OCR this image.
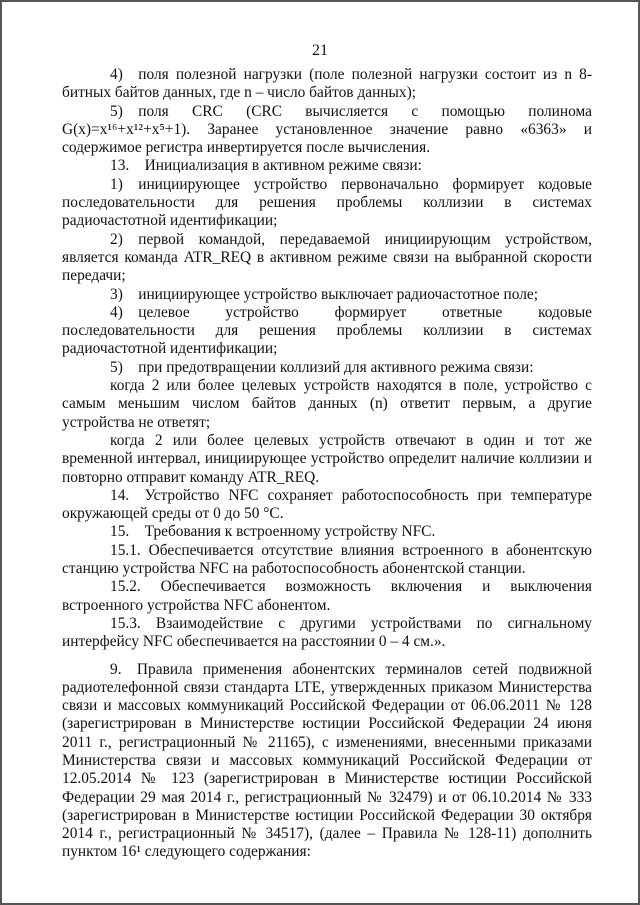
21

4) поля полезной нагрузки (поле полезной нагрузки состоит из n 8-битных байтов данных, где n – число байтов данных);

5) поля CRC (CRC вычисляется с помощью полинома G(x)=x¹⁶+x¹²+x⁵+1). Заранее установленное значение равно «6363» и содержимое регистра инвертируется после вычисления.

13. Инициализация в активном режиме связи:

1) инициирующее устройство первоначально формирует кодовые последовательности для решения проблемы коллизии в системах радиочастотной идентификации;

2) первой командой, передаваемой инициирующим устройством, является команда ATR_REQ в активном режиме связи на выбранной скорости передачи;

3) инициирующее устройство выключает радиочастотное поле;

4) целевое устройство формирует ответные кодовые последовательности для решения проблемы коллизии в системах радиочастотной идентификации;

5) при предотвращении коллизий для активного режима связи:

когда 2 или более целевых устройств находятся в поле, устройство с самым меньшим числом байтов данных (n) ответит первым, а другие устройства не ответят;

когда 2 или более целевых устройств отвечают в один и тот же временной интервал, инициирующее устройство определит наличие коллизии и повторно отправит команду ATR_REQ.

14. Устройство NFC сохраняет работоспособность при температуре окружающей среды от 0 до 50 °С.

15. Требования к встроенному устройству NFC.

15.1. Обеспечивается отсутствие влияния встроенного в абонентскую станцию устройства NFC на работоспособность абонентской станции.

15.2. Обеспечивается возможность включения и выключения встроенного устройства NFC абонентом.

15.3. Взаимодействие с другими устройствами по сигнальному интерфейсу NFC обеспечивается на расстоянии 0 – 4 см.».

9. Правила применения абонентских терминалов сетей подвижной радиотелефонной связи стандарта LTE, утвержденных приказом Министерства связи и массовых коммуникаций Российской Федерации от 06.06.2011 № 128 (зарегистрирован в Министерстве юстиции Российской Федерации 24 июня 2011 г., регистрационный № 21165), с изменениями, внесенными приказами Министерства связи и массовых коммуникаций Российской Федерации от 12.05.2014 № 123 (зарегистрирован в Министерстве юстиции Российской Федерации 29 мая 2014 г., регистрационный № 32479) и от 06.10.2014 № 333 (зарегистрирован в Министерстве юстиции Российской Федерации 30 октября 2014 г., регистрационный № 34517), (далее – Правила № 128-11) дополнить пунктом 16¹ следующего содержания:
